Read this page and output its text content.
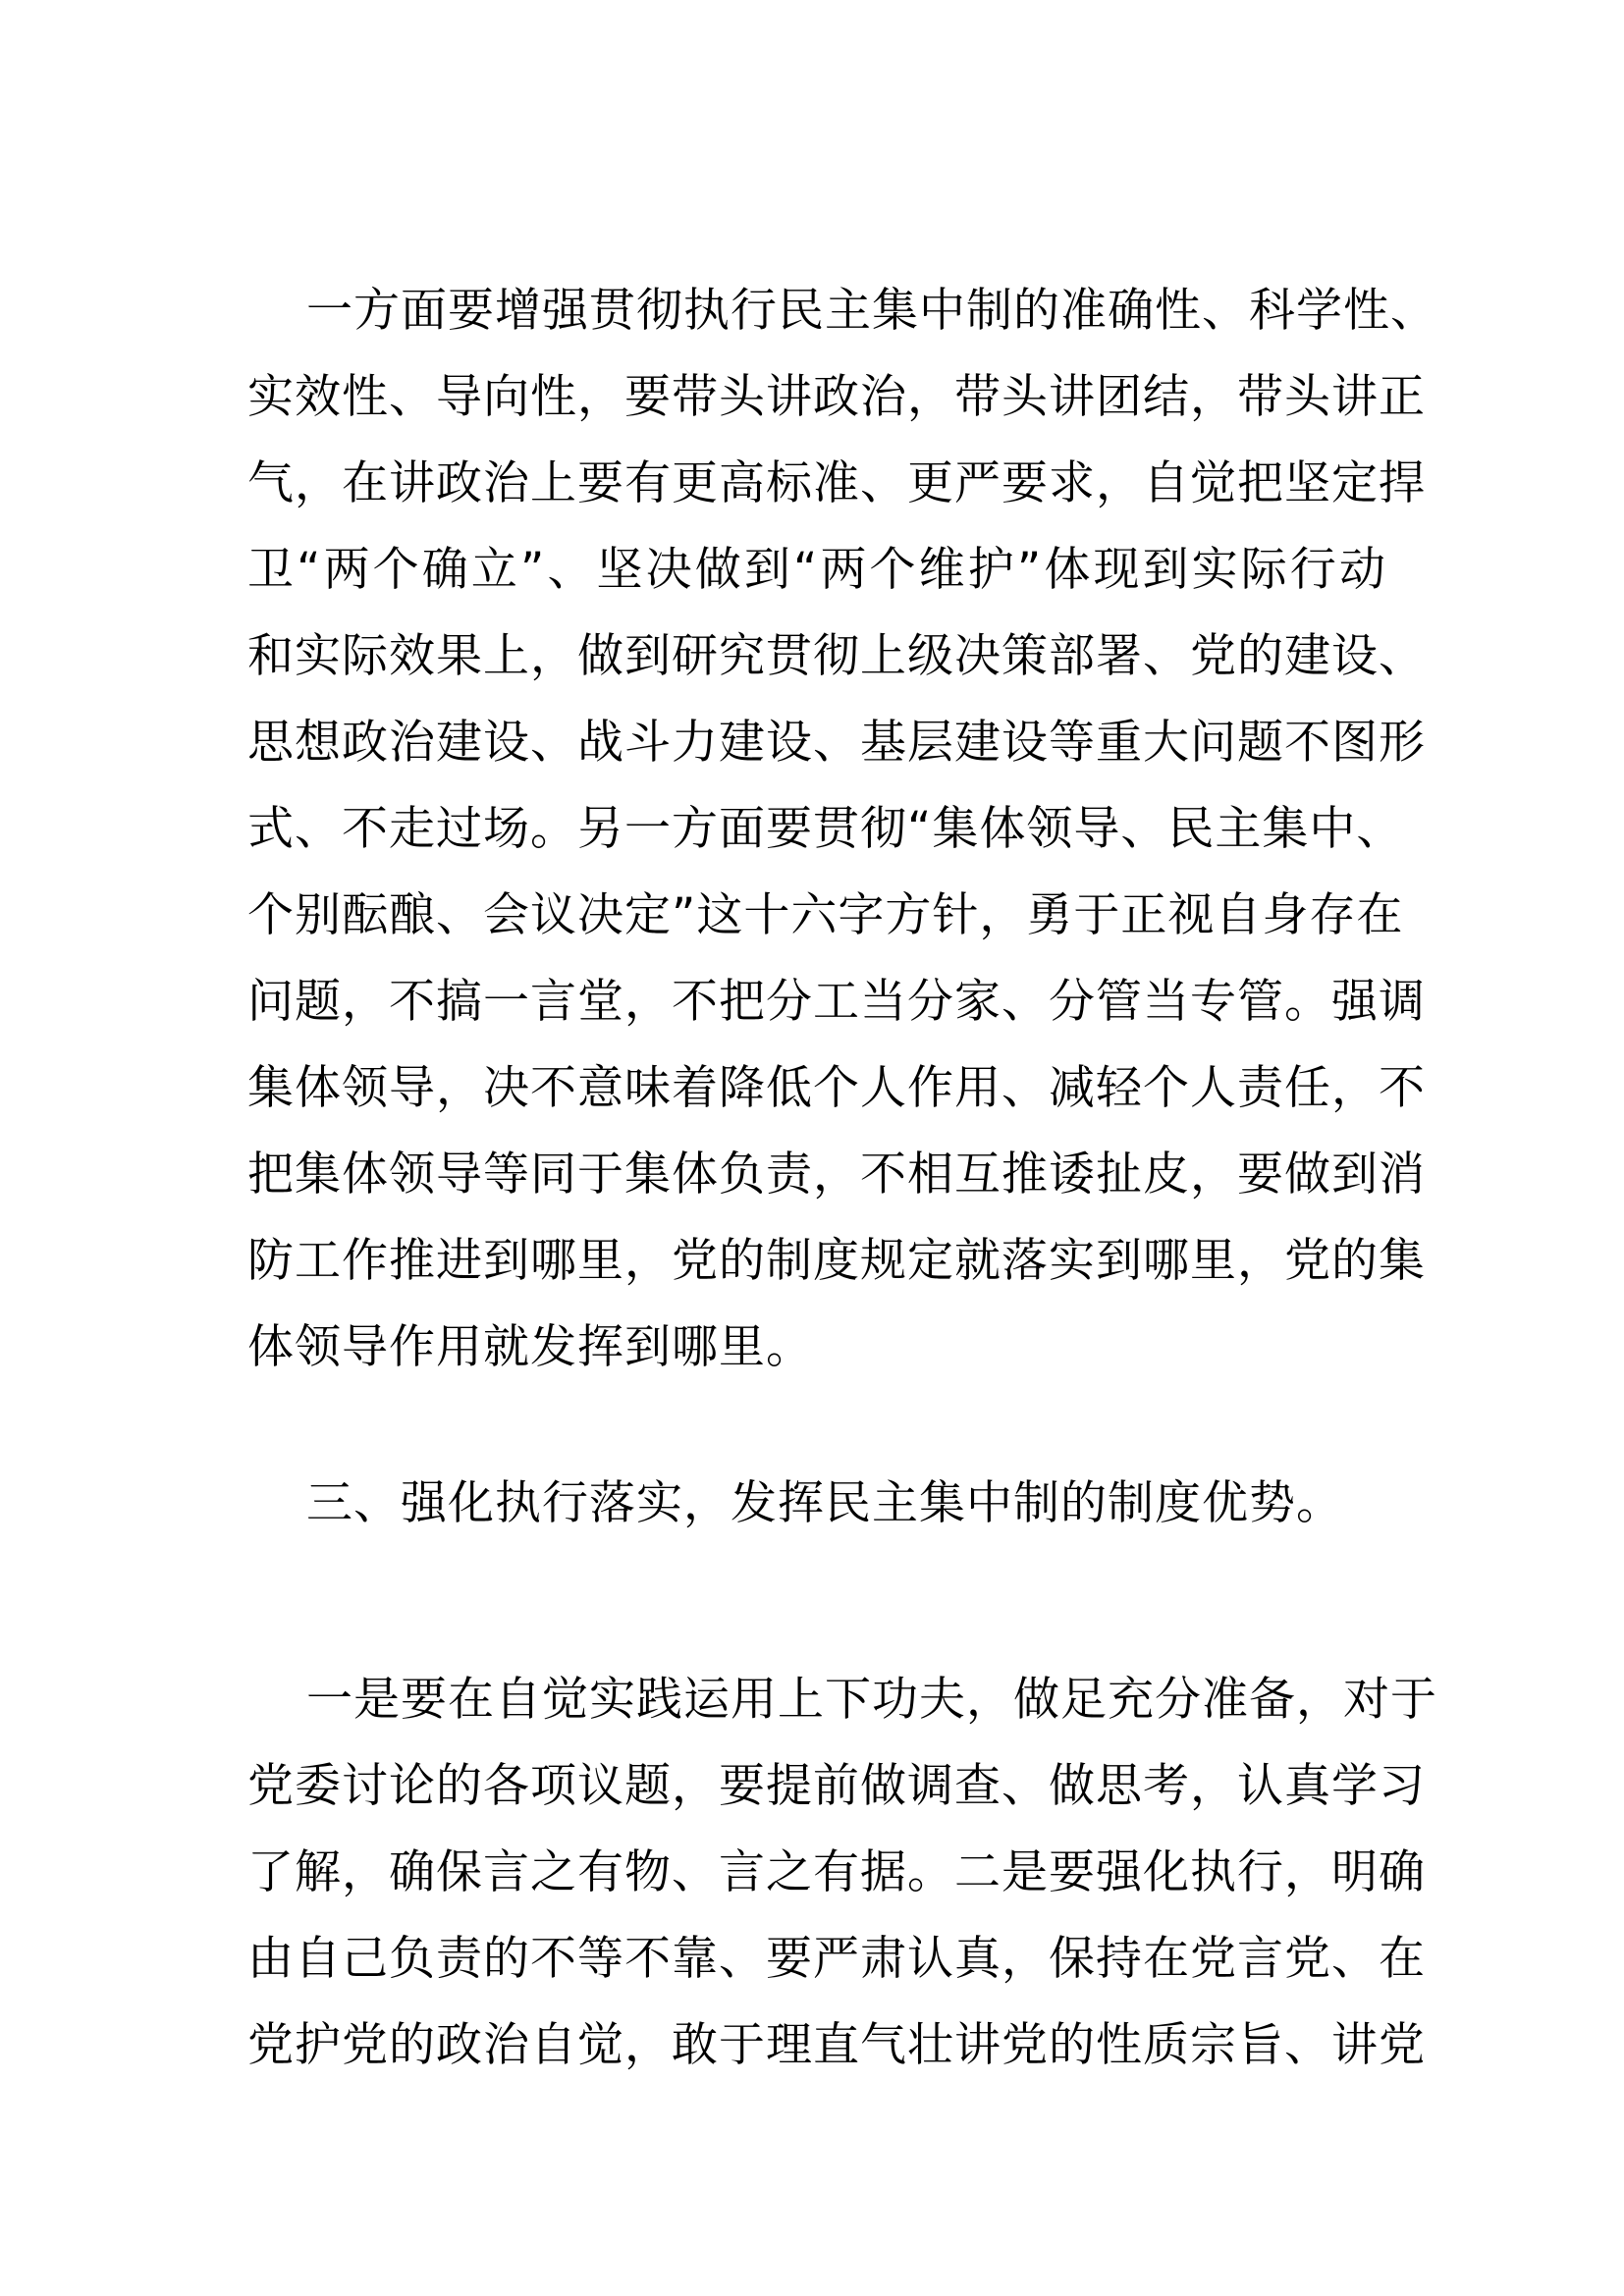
一方面要增强贯彻执行民主集中制的准确性、科学性、
实效性、导向性，要带头讲政治，带头讲团结，带头讲正
气，在讲政治上要有更高标准、更严要求，自觉把坚定捍
卫“两个确立”、坚决做到“两个维护”体现到实际行动
和实际效果上，做到研究贯彻上级决策部署、党的建设、
思想政治建设、战斗力建设、基层建设等重大问题不图形
式、不走过场。另一方面要贯彻“集体领导、民主集中、
个别酝酿、会议决定”这十六字方针，勇于正视自身存在
问题，不搞一言堂，不把分工当分家、分管当专管。强调
集体领导，决不意味着降低个人作用、减轻个人责任，不
把集体领导等同于集体负责，不相互推诿扯皮，要做到消
防工作推进到哪里，党的制度规定就落实到哪里，党的集
体领导作用就发挥到哪里。
三、强化执行落实，发挥民主集中制的制度优势。
一是要在自觉实践运用上下功夫，做足充分准备，对于
党委讨论的各项议题，要提前做调查、做思考，认真学习
了解，确保言之有物、言之有据。二是要强化执行，明确
由自己负责的不等不靠、要严肃认真，保持在党言党、在
党护党的政治自觉，敢于理直气壮讲党的性质宗旨、讲党
